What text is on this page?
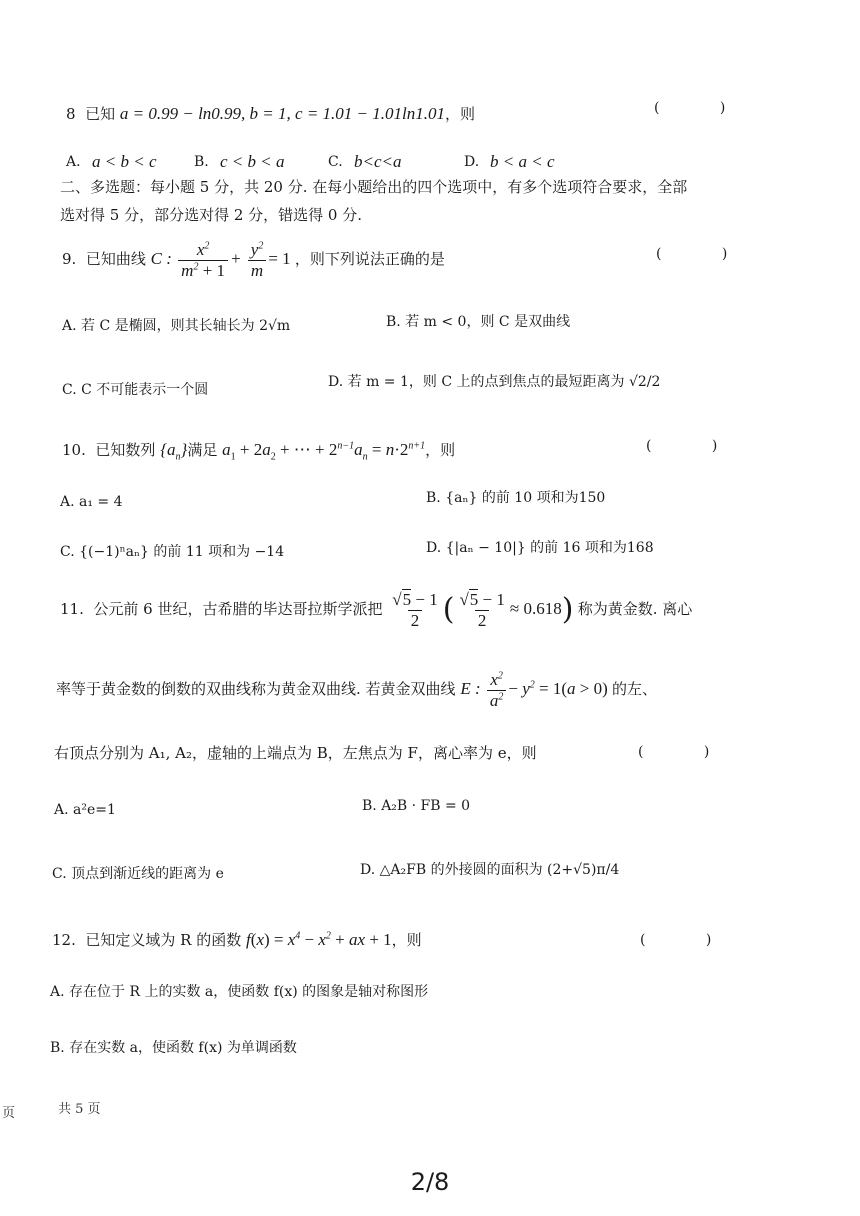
8 已知 a = 0.99 − ln0.99, b = 1, c = 1.01 − 1.01ln1.01，则	( )
A. a < b < c	B. c < b < a	C. b<c<a	D. b < a < c
二、多选题：每小题 5 分，共 20 分. 在每小题给出的四个选项中，有多个选项符合要求，全部
选对得 5 分，部分选对得 2 分，错选得 0 分.
9. 已知曲线 C : $\frac{x^2}{m^2 + 1} + \frac{y^2}{m} = 1$ ，则下列说法正确的是	( )
A. 若 C 是椭圆，则其长轴长为 2√m	B. 若 m < 0，则 C 是双曲线
C. C 不可能表示一个圆	D. 若 m = 1，则 C 上的点到焦点的最短距离为 √2/2
10. 已知数列 $\{a_n\}$满足 $a_1 + 2a_2$ + ⋯ + $2^{n-1}a_n = n\cdot 2^{n+1}$，则	( )
A. a₁ = 4	B. {aₙ} 的前 10 项和为150
C. {(−1)ⁿaₙ} 的前 11 项和为 −14	D. {|aₙ − 10|} 的前 16 项和为168
11. 公元前 6 世纪，古希腊的毕达哥拉斯学派把 $\frac{√5 - 1}{2}$ ( $\frac{√5 - 1}{2} \approx 0.618$) 称为黄金数. 离心
率等于黄金数的倒数的双曲线称为黄金双曲线. 若黄金双曲线 E : $\frac{x^2}{a^2} - y^2 = 1(a > 0)$ 的左、
右顶点分别为 A₁, A₂，虚轴的上端点为 B，左焦点为 F，离心率为 e，则	( )
A. a²e=1	B. A₂B · FB = 0
C. 顶点到渐近线的距离为 e	D. △A₂FB 的外接圆的面积为 (2+√5)π/4
12. 已知定义域为 R 的函数 $f(x) = x^4 - x^2$ + ax + 1，则	( )
A. 存在位于 R 上的实数 a，使函数 f(x) 的图象是轴对称图形
B. 存在实数 a，使函数 f(x) 为单调函数
页	共 5 页
2/8
